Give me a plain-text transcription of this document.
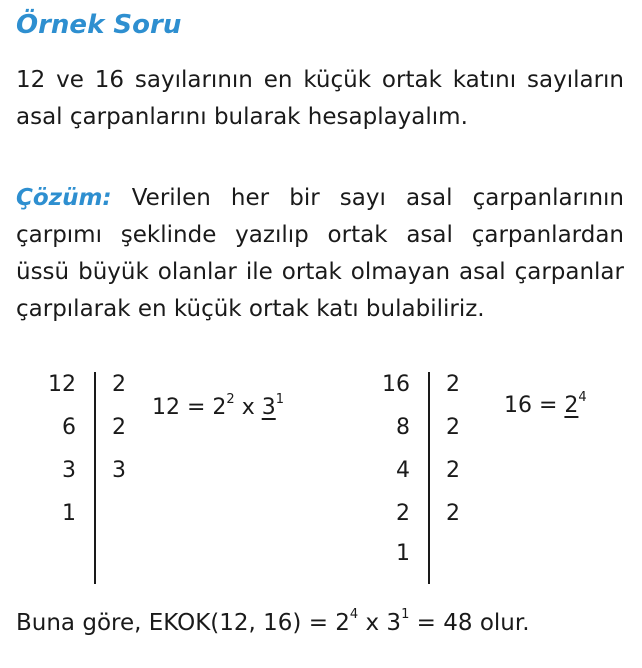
Örnek Soru
12 ve 16 sayılarının en küçük ortak katını sayıların asal çarpanlarını bularak hesaplayalım.
Çözüm: Verilen her bir sayı asal çarpanlarının çarpımı şeklinde yazılıp ortak asal çarpanlardan üssü büyük olanlar ile ortak olmayan asal çarpanlar çarpılarak en küçük ortak katı bulabiliriz.
12
6
3
1
2
2
3
$12 = 2^2$ x $3^1$
16
8
4
2
1
2
2
2
2
$16 = 2^4$
Buna göre, EKOK(12, $16) = 2^4$ x $3^1 = 48$ olur.
